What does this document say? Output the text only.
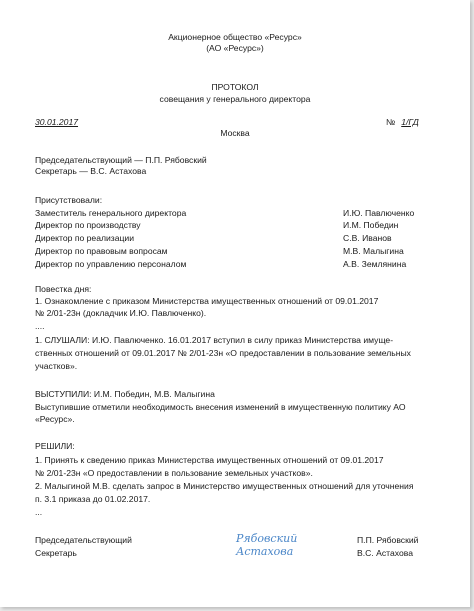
Акционерное общество «Ресурс»
(АО «Ресурс»)
ПРОТОКОЛ
совещания у генерального директора
30.01.2017	№ 1/ГД
Москва
Председательствующий — П.П. Рябовский
Секретарь — В.С. Астахова
Присутствовали:
Заместитель генерального директора	И.Ю. Павлюченко
Директор по производству	И.М. Победин
Директор по реализации	С.В. Иванов
Директор по правовым вопросам	М.В. Малыгина
Директор по управлению персоналом	А.В. Землянина
Повестка дня:
1. Ознакомление с приказом Министерства имущественных отношений от 09.01.2017
№ 2/01-23н (докладчик И.Ю. Павлюченко).
....
1. СЛУШАЛИ: И.Ю. Павлюченко. 16.01.2017 вступил в силу приказ Министерства имуще-
ственных отношений от 09.01.2017 № 2/01-23н «О предоставлении в пользование земельных
участков».
ВЫСТУПИЛИ: И.М. Победин, М.В. Малыгина
Выступившие отметили необходимость внесения изменений в имущественную политику АО
«Ресурс».
РЕШИЛИ:
1. Принять к сведению приказ Министерства имущественных отношений от 09.01.2017
№ 2/01-23н «О предоставлении в пользование земельных участков».
2. Малыгиной М.В. сделать запрос в Министерство имущественных отношений для уточнения
п. 3.1 приказа до 01.02.2017.
...
Председательствующий	Рябовский	П.П. Рябовский
Секретарь	Астахова	В.С. Астахова
